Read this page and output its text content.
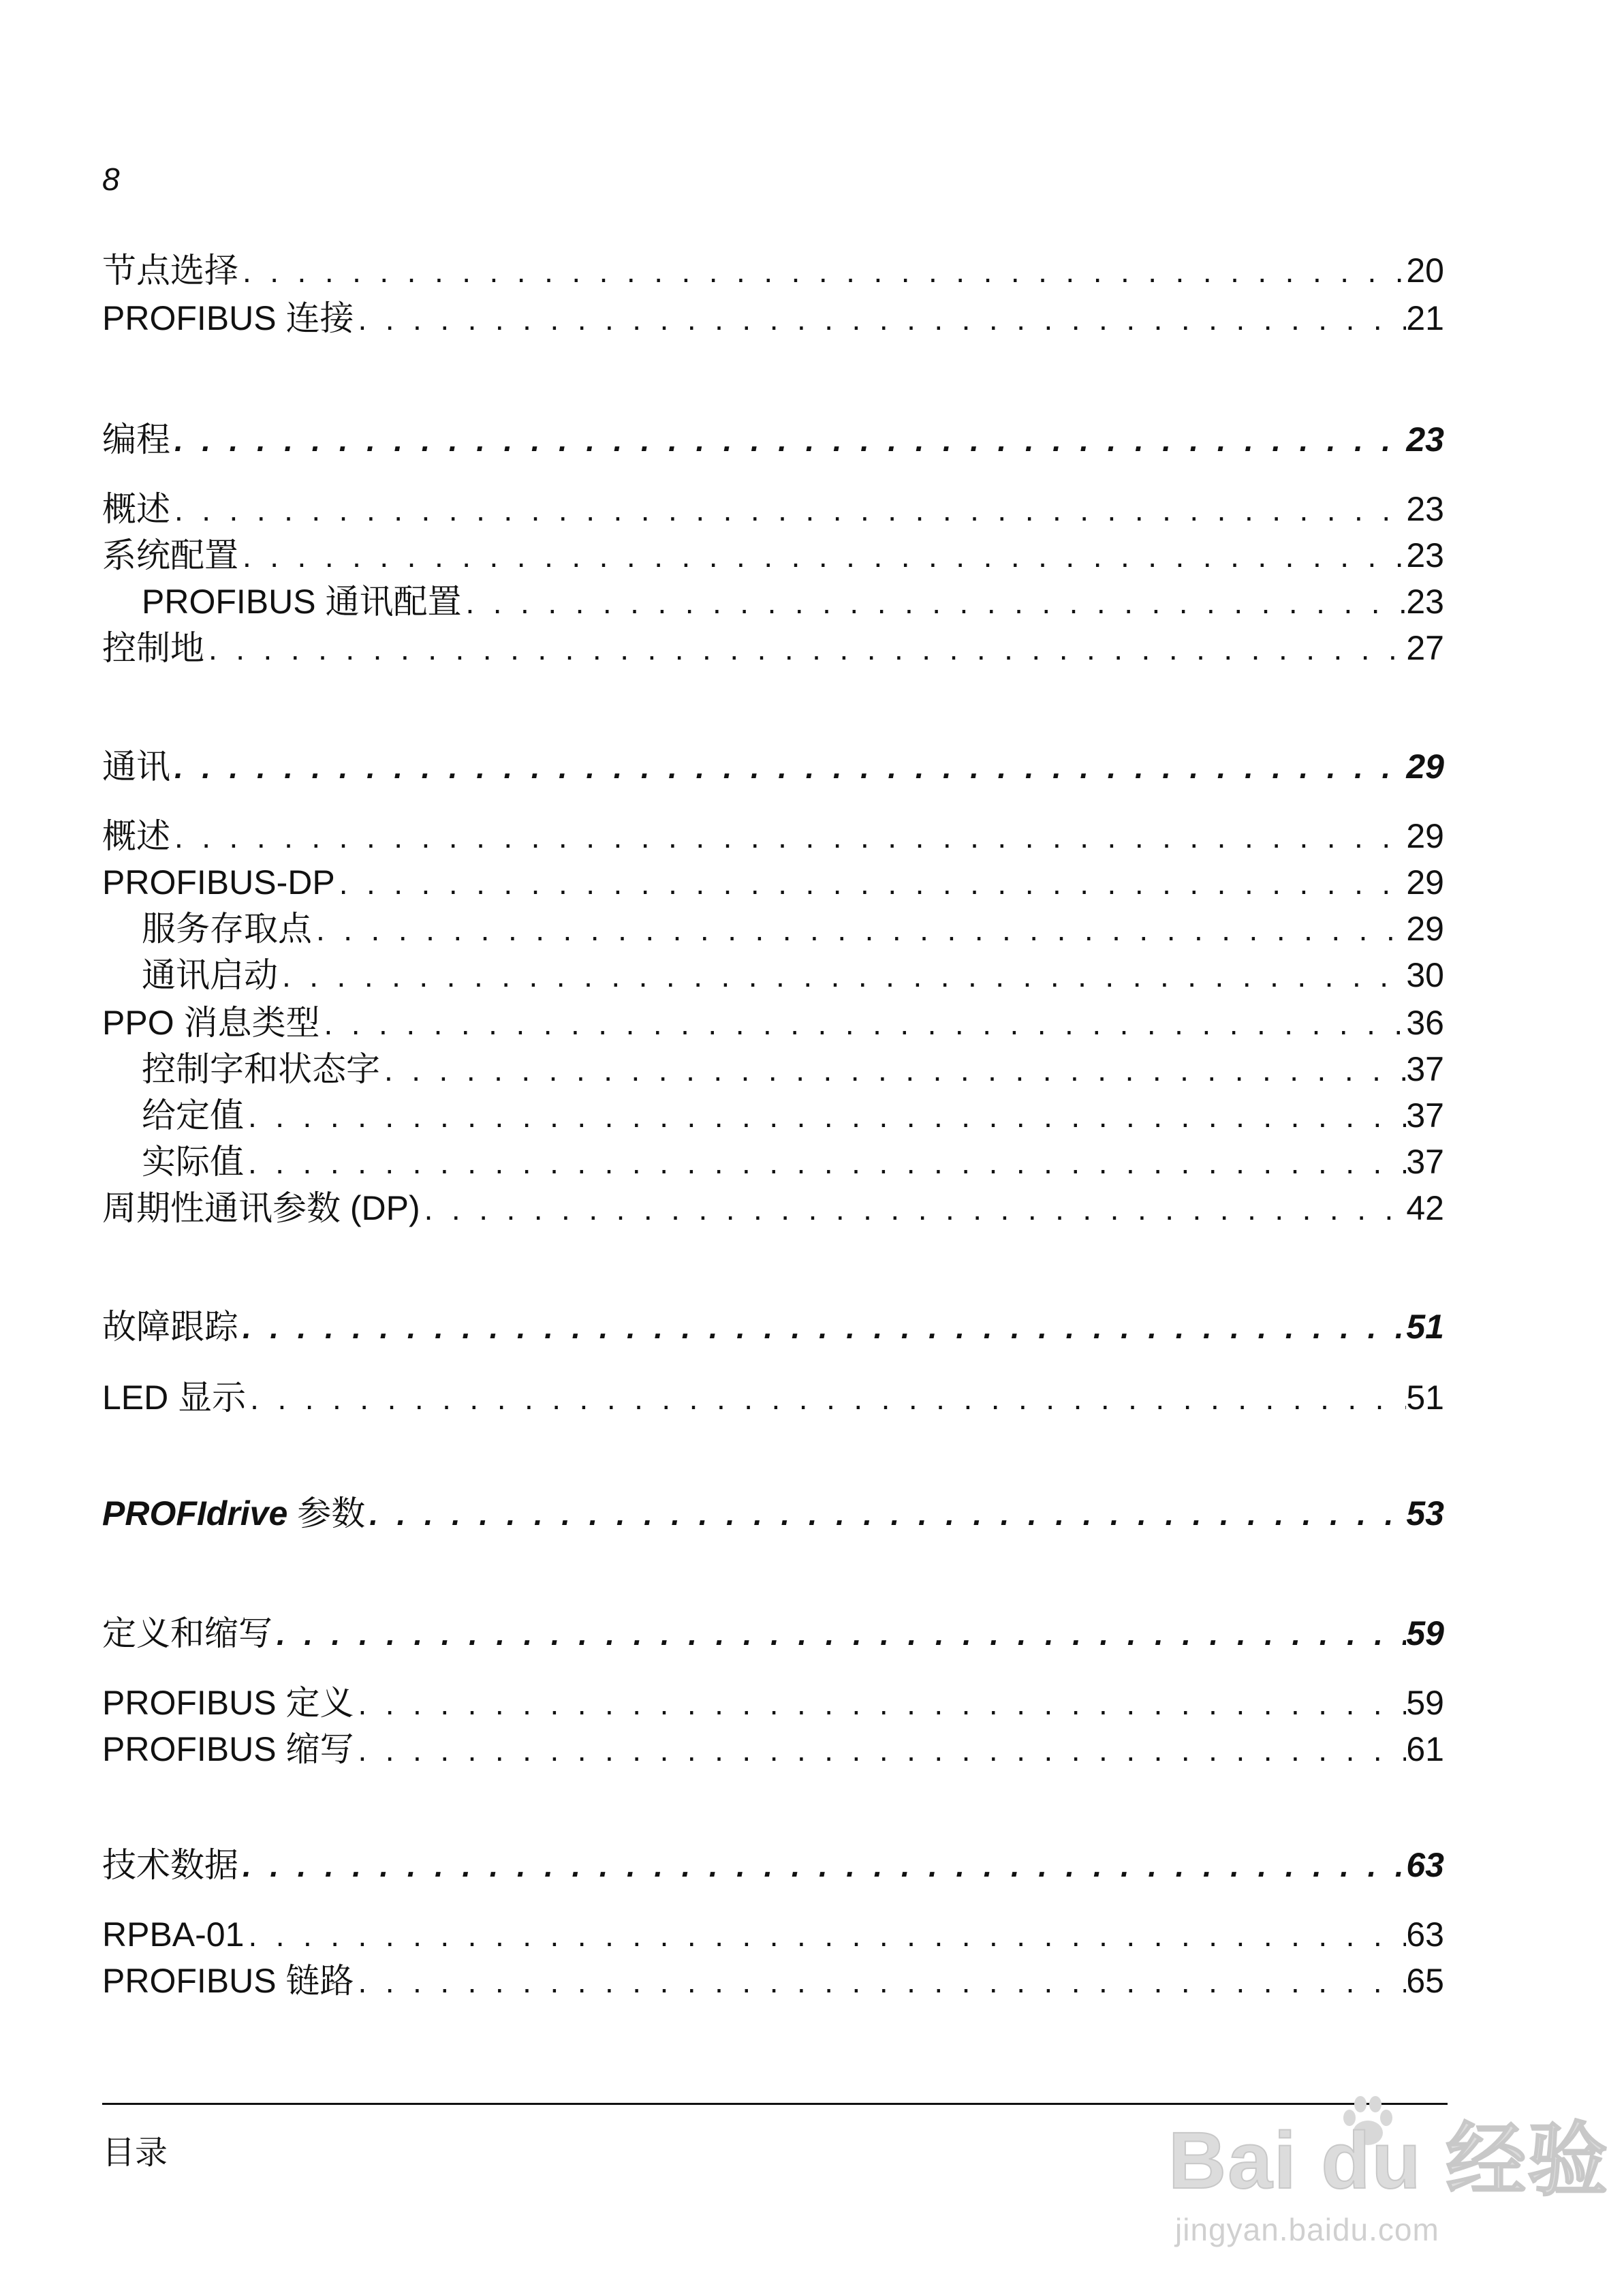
8
节点选择 . . .	20
PROFIBUS 连接 . . .	21
编程 . . .	23
概述 . . .	23
系统配置 . . .	23
PROFIBUS 通讯配置 . . .	23
控制地 . . .	27
通讯 . . .	29
概述 . . .	29
PROFIBUS-DP . . .	29
服务存取点 . . .	29
通讯启动 . . .	30
PPO 消息类型 . . .	36
控制字和状态字 . . .	37
给定值 . . .	37
实际值 . . .	37
周期性通讯参数 (DP) . . .	42
故障跟踪 . . .	51
LED 显示 . . .	51
PROFIdrive 参数 . . .	53
定义和缩写 . . .	59
PROFIBUS 定义 . . .	59
PROFIBUS 缩写 . . .	61
技术数据 . . .	63
RPBA-01 . . .	63
PROFIBUS 链路 . . .	65
目录	Bai du 经验
jingyan.baidu.com
